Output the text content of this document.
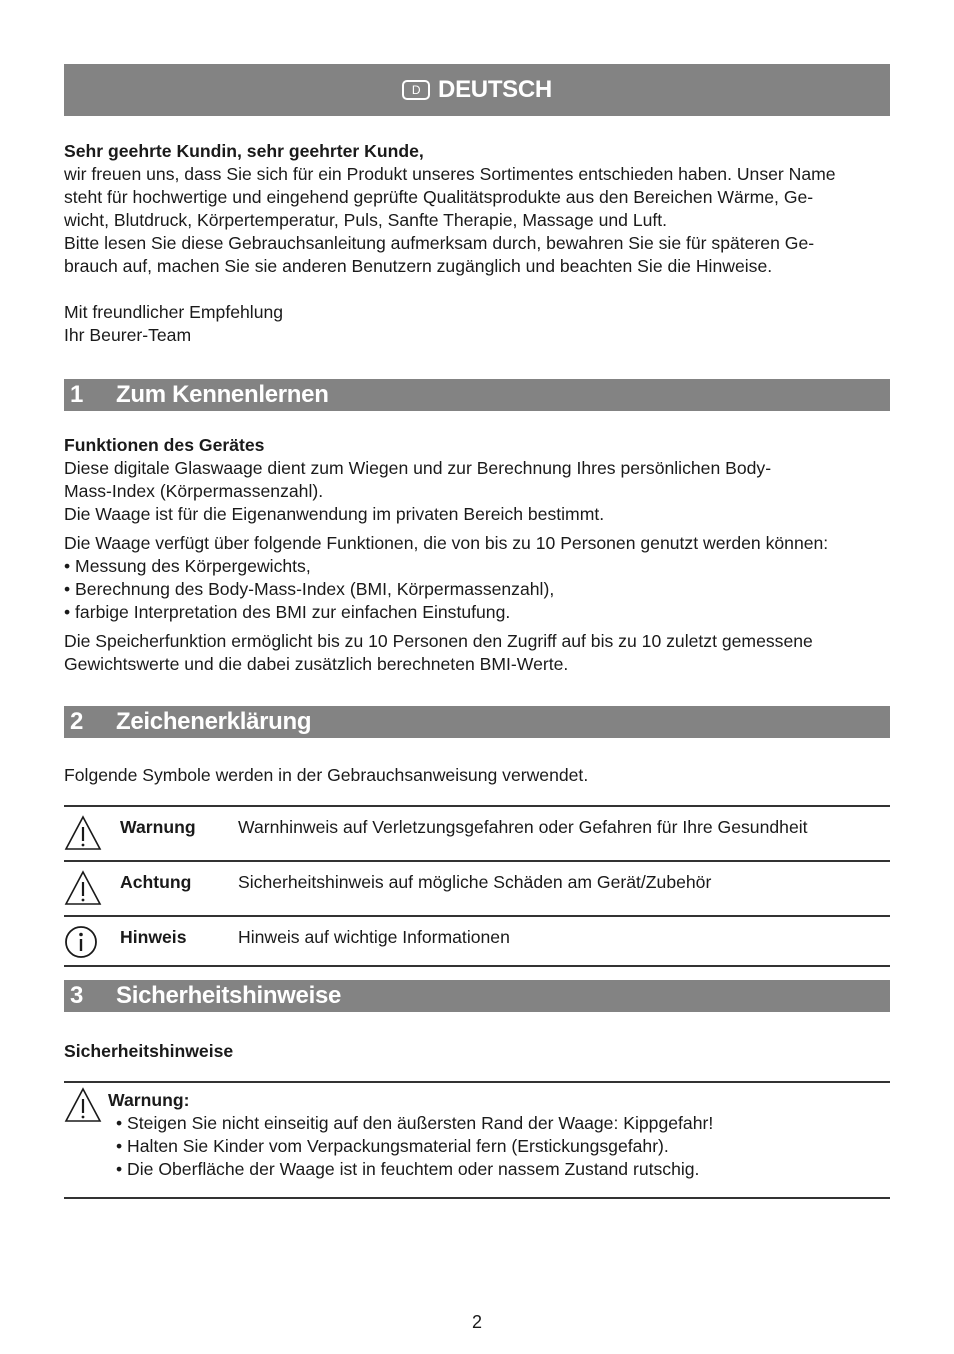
D DEUTSCH

Sehr geehrte Kundin, sehr geehrter Kunde,

wir freuen uns, dass Sie sich für ein Produkt unseres Sortimentes entschieden haben. Unser Name

steht für hochwertige und eingehend geprüfte Qualitätsprodukte aus den Bereichen Wärme, Ge-

wicht, Blutdruck, Körpertemperatur, Puls, Sanfte Therapie, Massage und Luft.

Bitte lesen Sie diese Gebrauchsanleitung aufmerksam durch, bewahren Sie sie für späteren Ge-

brauch auf, machen Sie sie anderen Benutzern zugänglich und beachten Sie die Hinweise.

Mit freundlicher Empfehlung

Ihr Beurer-Team

1	Zum Kennenlernen

Funktionen des Gerätes

Diese digitale Glaswaage dient zum Wiegen und zur Berechnung Ihres persönlichen Body-

Mass-Index (Körpermassenzahl).

Die Waage ist für die Eigenanwendung im privaten Bereich bestimmt.

Die Waage verfügt über folgende Funktionen, die von bis zu 10 Personen genutzt werden können:

• Messung des Körpergewichts,

• Berechnung des Body-Mass-Index (BMI, Körpermassenzahl),

• farbige Interpretation des BMI zur einfachen Einstufung.

Die Speicherfunktion ermöglicht bis zu 10 Personen den Zugriff auf bis zu 10 zuletzt gemessene

Gewichtswerte und die dabei zusätzlich berechneten BMI-Werte.

2	Zeichenerklärung

Folgende Symbole werden in der Gebrauchsanweisung verwendet.

Warnung	Warnhinweis auf Verletzungsgefahren oder Gefahren für Ihre Gesundheit
Achtung	Sicherheitshinweis auf mögliche Schäden am Gerät/Zubehör
Hinweis	Hinweis auf wichtige Informationen
3	Sicherheitshinweise

Sicherheitshinweise

Warnung:

• Steigen Sie nicht einseitig auf den äußersten Rand der Waage: Kippgefahr!

• Halten Sie Kinder vom Verpackungsmaterial fern (Erstickungsgefahr).

• Die Oberfläche der Waage ist in feuchtem oder nassem Zustand rutschig.

2
